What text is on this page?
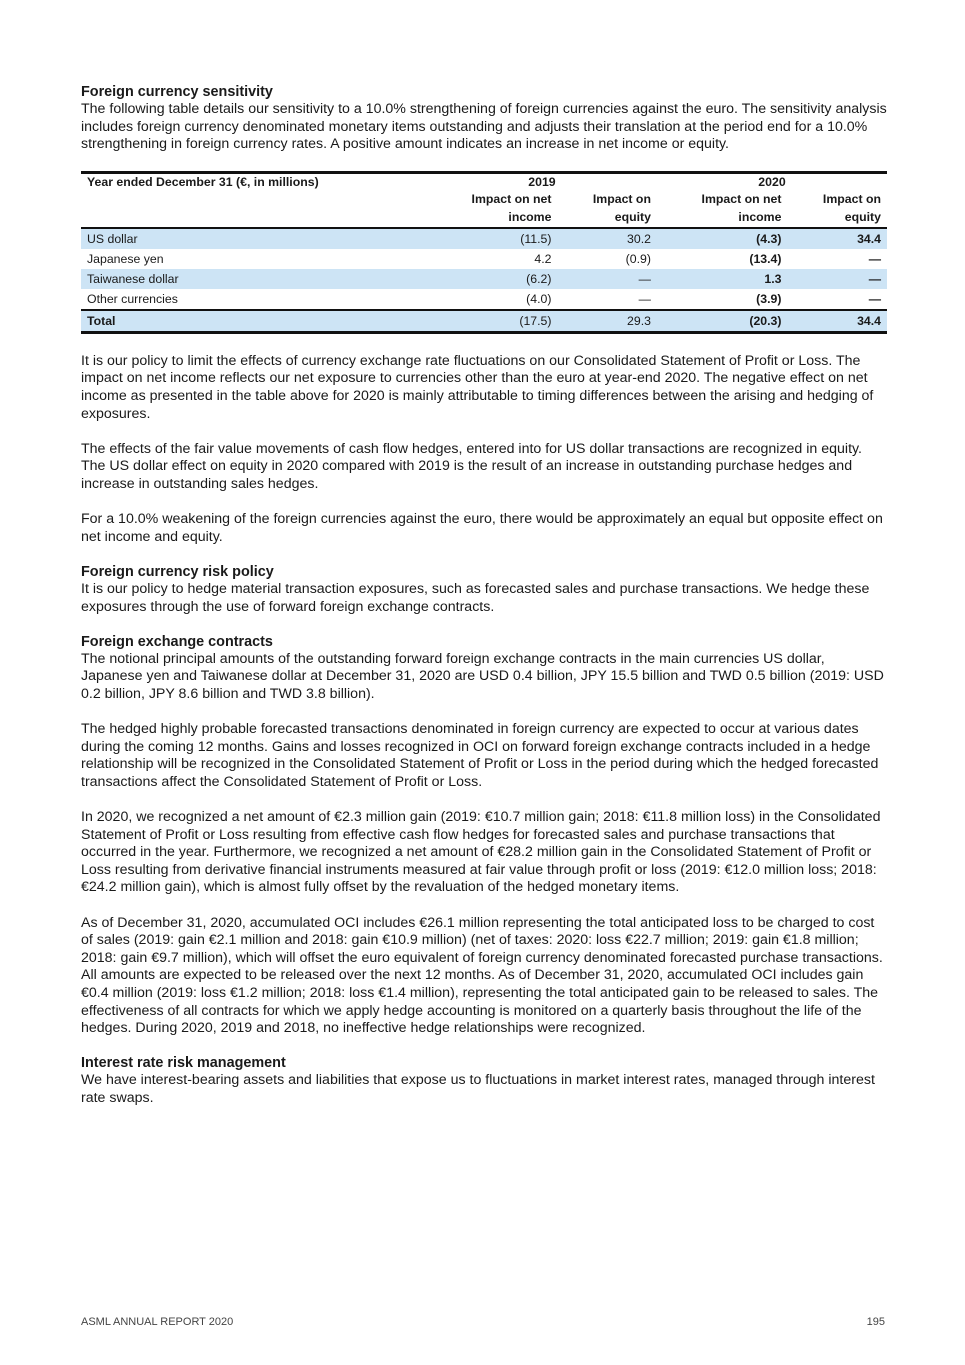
Foreign currency sensitivity

The following table details our sensitivity to a 10.0% strengthening of foreign currencies against the euro. The sensitivity analysis includes foreign currency denominated monetary items outstanding and adjusts their translation at the period end for a 10.0% strengthening in foreign currency rates. A positive amount indicates an increase in net income or equity.

Year ended December 31 (€, in millions)	2019		2020	
	Impact on net	Impact on	Impact on net	Impact on
	income	equity	income	equity
US dollar	(11.5)	30.2	(4.3)	34.4
Japanese yen	4.2	(0.9)	(13.4)	—
Taiwanese dollar	(6.2)	—	1.3	—
Other currencies	(4.0)	—	(3.9)	—
Total	(17.5)	29.3	(20.3)	34.4

It is our policy to limit the effects of currency exchange rate fluctuations on our Consolidated Statement of Profit or Loss. The impact on net income reflects our net exposure to currencies other than the euro at year-end 2020. The negative effect on net income as presented in the table above for 2020 is mainly attributable to timing differences between the arising and hedging of exposures.

The effects of the fair value movements of cash flow hedges, entered into for US dollar transactions are recognized in equity. The US dollar effect on equity in 2020 compared with 2019 is the result of an increase in outstanding purchase hedges and increase in outstanding sales hedges.

For a 10.0% weakening of the foreign currencies against the euro, there would be approximately an equal but opposite effect on net income and equity.

Foreign currency risk policy

It is our policy to hedge material transaction exposures, such as forecasted sales and purchase transactions. We hedge these exposures through the use of forward foreign exchange contracts.

Foreign exchange contracts

The notional principal amounts of the outstanding forward foreign exchange contracts in the main currencies US dollar, Japanese yen and Taiwanese dollar at December 31, 2020 are USD 0.4 billion, JPY 15.5 billion and TWD 0.5 billion (2019: USD 0.2 billion, JPY 8.6 billion and TWD 3.8 billion).

The hedged highly probable forecasted transactions denominated in foreign currency are expected to occur at various dates during the coming 12 months. Gains and losses recognized in OCI on forward foreign exchange contracts included in a hedge relationship will be recognized in the Consolidated Statement of Profit or Loss in the period during which the hedged forecasted transactions affect the Consolidated Statement of Profit or Loss.

In 2020, we recognized a net amount of €2.3 million gain (2019: €10.7 million gain; 2018: €11.8 million loss) in the Consolidated Statement of Profit or Loss resulting from effective cash flow hedges for forecasted sales and purchase transactions that occurred in the year. Furthermore, we recognized a net amount of €28.2 million gain in the Consolidated Statement of Profit or Loss resulting from derivative financial instruments measured at fair value through profit or loss (2019: €12.0 million loss; 2018: €24.2 million gain), which is almost fully offset by the revaluation of the hedged monetary items.

As of December 31, 2020, accumulated OCI includes €26.1 million representing the total anticipated loss to be charged to cost of sales (2019: gain €2.1 million and 2018: gain €10.9 million) (net of taxes: 2020: loss €22.7 million; 2019: gain €1.8 million; 2018: gain €9.7 million), which will offset the euro equivalent of foreign currency denominated forecasted purchase transactions. All amounts are expected to be released over the next 12 months. As of December 31, 2020, accumulated OCI includes gain €0.4 million (2019: loss €1.2 million; 2018: loss €1.4 million), representing the total anticipated gain to be released to sales. The effectiveness of all contracts for which we apply hedge accounting is monitored on a quarterly basis throughout the life of the hedges. During 2020, 2019 and 2018, no ineffective hedge relationships were recognized.

Interest rate risk management

We have interest-bearing assets and liabilities that expose us to fluctuations in market interest rates, managed through interest rate swaps.

ASML ANNUAL REPORT 2020	195
